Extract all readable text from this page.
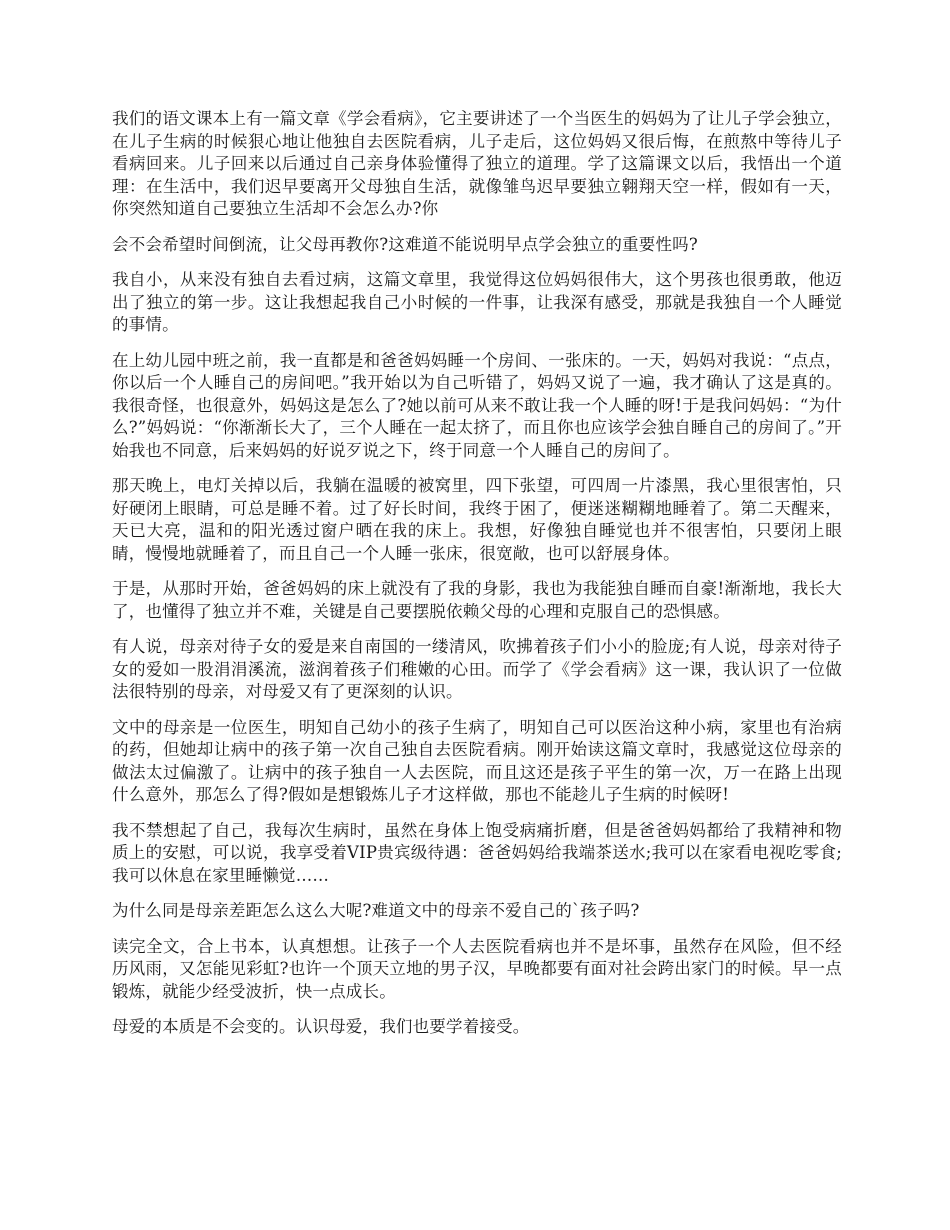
我们的语文课本上有一篇文章《学会看病》，它主要讲述了一个当医生的妈妈为了让儿子学会独立，在儿子生病的时候狠心地让他独自去医院看病，儿子走后，这位妈妈又很后悔，在煎熬中等待儿子看病回来。儿子回来以后通过自己亲身体验懂得了独立的道理。学了这篇课文以后，我悟出一个道理：在生活中，我们迟早要离开父母独自生活，就像雏鸟迟早要独立翱翔天空一样，假如有一天，你突然知道自己要独立生活却不会怎么办?你

会不会希望时间倒流，让父母再教你?这难道不能说明早点学会独立的重要性吗?

我自小，从来没有独自去看过病，这篇文章里，我觉得这位妈妈很伟大，这个男孩也很勇敢，他迈出了独立的第一步。这让我想起我自己小时候的一件事，让我深有感受，那就是我独自一个人睡觉的事情。

在上幼儿园中班之前，我一直都是和爸爸妈妈睡一个房间、一张床的。一天，妈妈对我说：“点点，你以后一个人睡自己的房间吧。”我开始以为自己听错了，妈妈又说了一遍，我才确认了这是真的。我很奇怪，也很意外，妈妈这是怎么了?她以前可从来不敢让我一个人睡的呀!于是我问妈妈：“为什么?”妈妈说：“你渐渐长大了，三个人睡在一起太挤了，而且你也应该学会独自睡自己的房间了。”开始我也不同意，后来妈妈的好说歹说之下，终于同意一个人睡自己的房间了。

那天晚上，电灯关掉以后，我躺在温暖的被窝里，四下张望，可四周一片漆黑，我心里很害怕，只好硬闭上眼睛，可总是睡不着。过了好长时间，我终于困了，便迷迷糊糊地睡着了。第二天醒来，天已大亮，温和的阳光透过窗户晒在我的床上。我想，好像独自睡觉也并不很害怕，只要闭上眼睛，慢慢地就睡着了，而且自己一个人睡一张床，很宽敞，也可以舒展身体。

于是，从那时开始，爸爸妈妈的床上就没有了我的身影，我也为我能独自睡而自豪!渐渐地，我长大了，也懂得了独立并不难，关键是自己要摆脱依赖父母的心理和克服自己的恐惧感。

有人说，母亲对待子女的爱是来自南国的一缕清风，吹拂着孩子们小小的脸庞;有人说，母亲对待子女的爱如一股涓涓溪流，滋润着孩子们稚嫩的心田。而学了《学会看病》这一课，我认识了一位做法很特别的母亲，对母爱又有了更深刻的认识。

文中的母亲是一位医生，明知自己幼小的孩子生病了，明知自己可以医治这种小病，家里也有治病的药，但她却让病中的孩子第一次自己独自去医院看病。刚开始读这篇文章时，我感觉这位母亲的做法太过偏激了。让病中的孩子独自一人去医院，而且这还是孩子平生的第一次，万一在路上出现什么意外，那怎么了得?假如是想锻炼儿子才这样做，那也不能趁儿子生病的时候呀!

我不禁想起了自己，我每次生病时，虽然在身体上饱受病痛折磨，但是爸爸妈妈都给了我精神和物质上的安慰，可以说，我享受着VIP贵宾级待遇：爸爸妈妈给我端茶送水;我可以在家看电视吃零食;我可以休息在家里睡懒觉……

为什么同是母亲差距怎么这么大呢?难道文中的母亲不爱自己的`孩子吗?

读完全文，合上书本，认真想想。让孩子一个人去医院看病也并不是坏事，虽然存在风险，但不经历风雨，又怎能见彩虹?也许一个顶天立地的男子汉，早晚都要有面对社会跨出家门的时候。早一点锻炼，就能少经受波折，快一点成长。

母爱的本质是不会变的。认识母爱，我们也要学着接受。
